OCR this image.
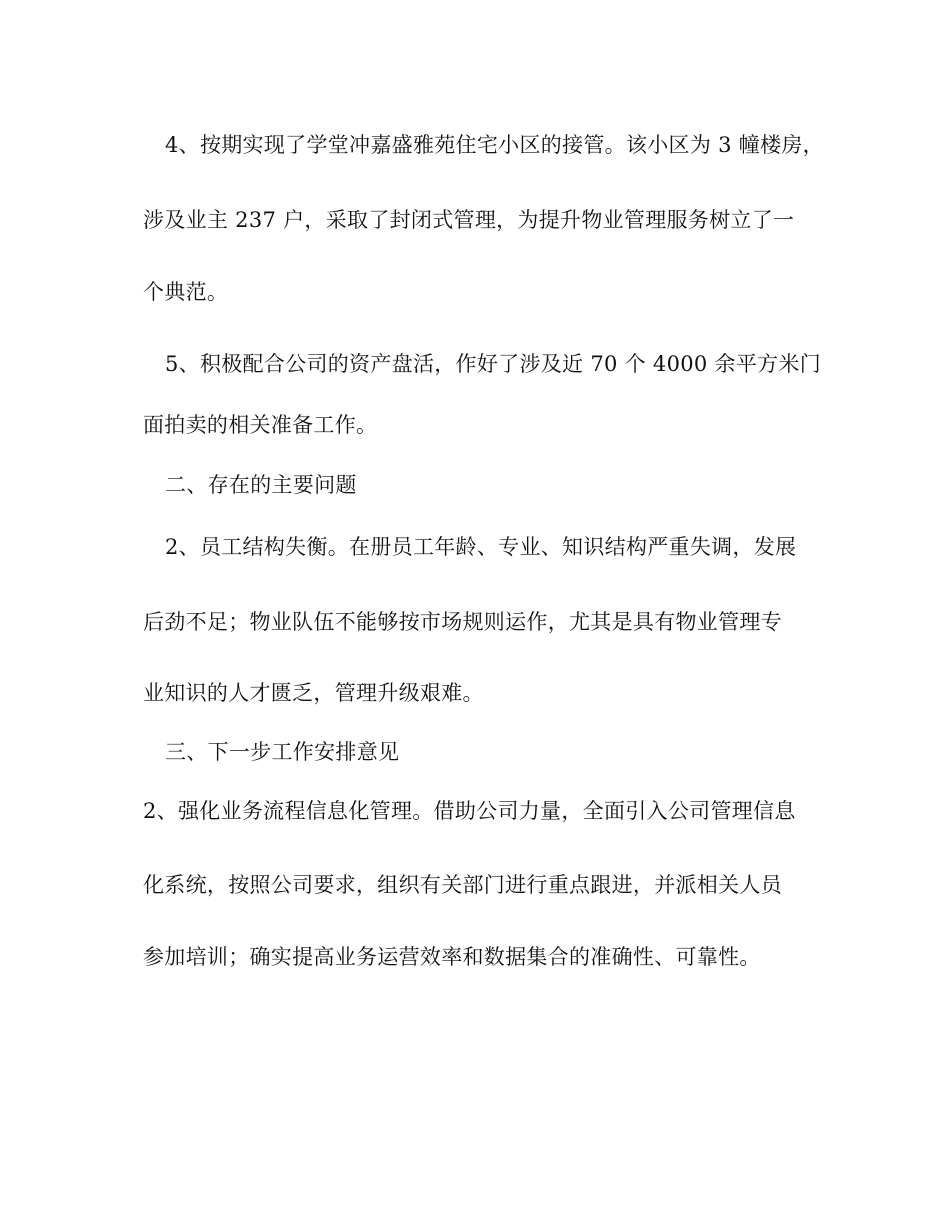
4、按期实现了学堂冲嘉盛雅苑住宅小区的接管。该小区为 3 幢楼房，
涉及业主 237 户，采取了封闭式管理，为提升物业管理服务树立了一
个典范。
5、积极配合公司的资产盘活，作好了涉及近 70 个 4000 余平方米门
面拍卖的相关准备工作。
二、存在的主要问题
2、员工结构失衡。在册员工年龄、专业、知识结构严重失调，发展
后劲不足；物业队伍不能够按市场规则运作，尤其是具有物业管理专
业知识的人才匮乏，管理升级艰难。
三、下一步工作安排意见
2、强化业务流程信息化管理。借助公司力量，全面引入公司管理信息
化系统，按照公司要求，组织有关部门进行重点跟进，并派相关人员
参加培训；确实提高业务运营效率和数据集合的准确性、可靠性。
